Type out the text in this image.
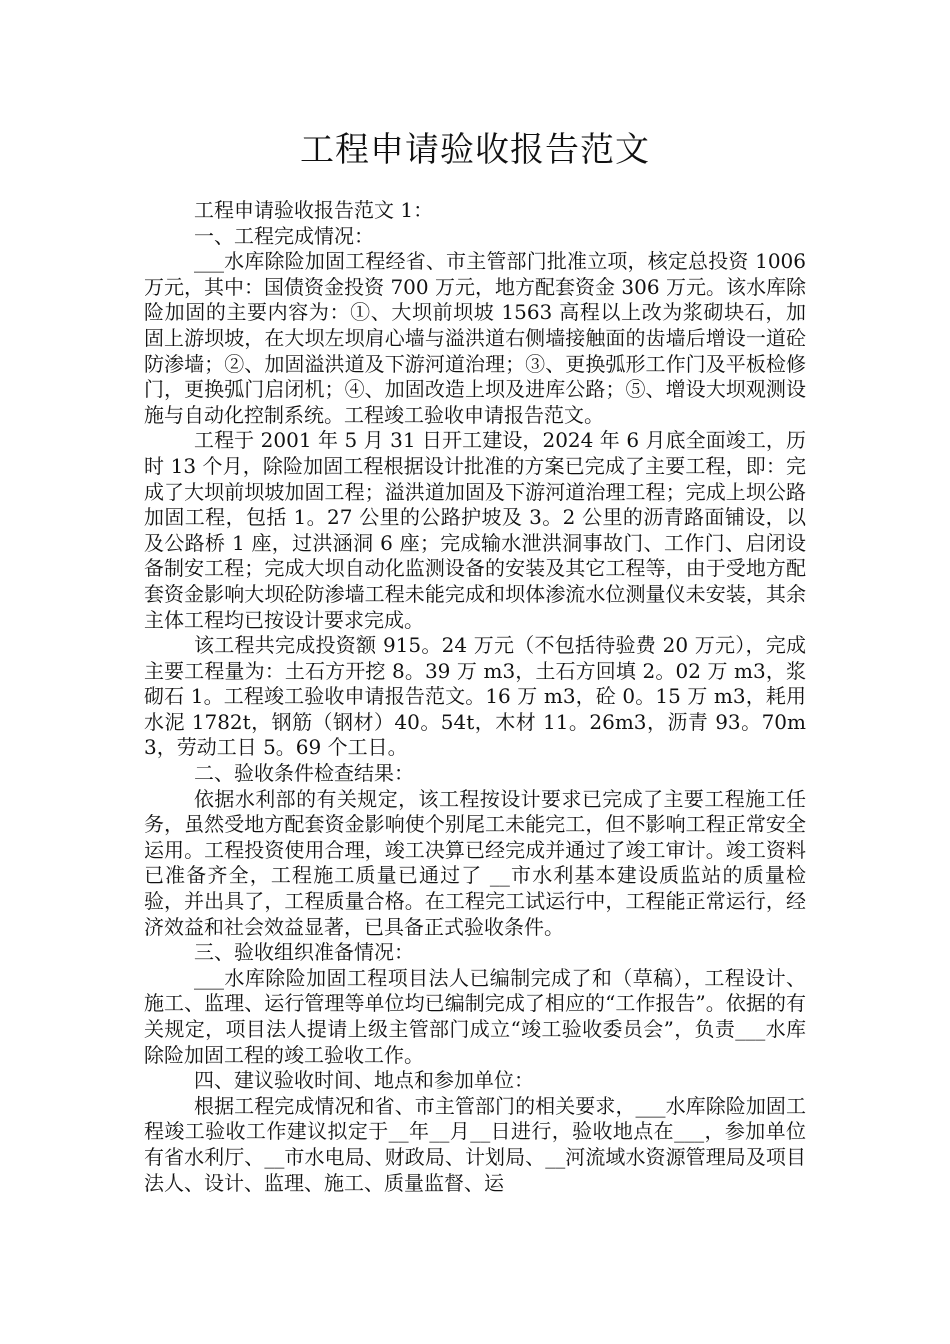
工程申请验收报告范文

工程申请验收报告范文 1：

一、工程完成情况：

___水库除险加固工程经省、市主管部门批准立项，核定总投资 1006 万元，其中：国债资金投资 700 万元，地方配套资金 306 万元。该水库除险加固的主要内容为：①、大坝前坝坡 1563 高程以上改为浆砌块石，加固上游坝坡，在大坝左坝肩心墙与溢洪道右侧墙接触面的齿墙后增设一道砼防渗墙；②、加固溢洪道及下游河道治理；③、更换弧形工作门及平板检修门，更换弧门启闭机；④、加固改造上坝及进库公路；⑤、增设大坝观测设施与自动化控制系统。工程竣工验收申请报告范文。

工程于 2001 年 5 月 31 日开工建设，2024 年 6 月底全面竣工，历时 13 个月，除险加固工程根据设计批准的方案已完成了主要工程，即：完成了大坝前坝坡加固工程；溢洪道加固及下游河道治理工程；完成上坝公路加固工程，包括 1。27 公里的公路护坡及 3。2 公里的沥青路面铺设，以及公路桥 1 座，过洪涵洞 6 座；完成输水泄洪洞事故门、工作门、启闭设备制安工程；完成大坝自动化监测设备的安装及其它工程等，由于受地方配套资金影响大坝砼防渗墙工程未能完成和坝体渗流水位测量仪未安装，其余主体工程均已按设计要求完成。

该工程共完成投资额 915。24 万元（不包括待验费 20 万元），完成主要工程量为：土石方开挖 8。39 万 m3，土石方回填 2。02 万 m3，浆砌石 1。工程竣工验收申请报告范文。16 万 m3，砼 0。15 万 m3，耗用水泥 1782t，钢筋（钢材）40。54t，木材 11。26m3，沥青 93。70m3，劳动工日 5。69 个工日。

二、验收条件检查结果：

依据水利部的有关规定，该工程按设计要求已完成了主要工程施工任务，虽然受地方配套资金影响使个别尾工未能完工，但不影响工程正常安全运用。工程投资使用合理，竣工决算已经完成并通过了竣工审计。竣工资料已准备齐全，工程施工质量已通过了 __市水利基本建设质监站的质量检验，并出具了，工程质量合格。在工程完工试运行中，工程能正常运行，经济效益和社会效益显著，已具备正式验收条件。

三、验收组织准备情况：

___水库除险加固工程项目法人已编制完成了和（草稿），工程设计、施工、监理、运行管理等单位均已编制完成了相应的“工作报告”。依据的有关规定，项目法人提请上级主管部门成立“竣工验收委员会”，负责___水库除险加固工程的竣工验收工作。

四、建议验收时间、地点和参加单位：

根据工程完成情况和省、市主管部门的相关要求，___水库除险加固工程竣工验收工作建议拟定于__年__月__日进行，验收地点在___，参加单位有省水利厅、__市水电局、财政局、计划局、__河流域水资源管理局及项目法人、设计、监理、施工、质量监督、运
